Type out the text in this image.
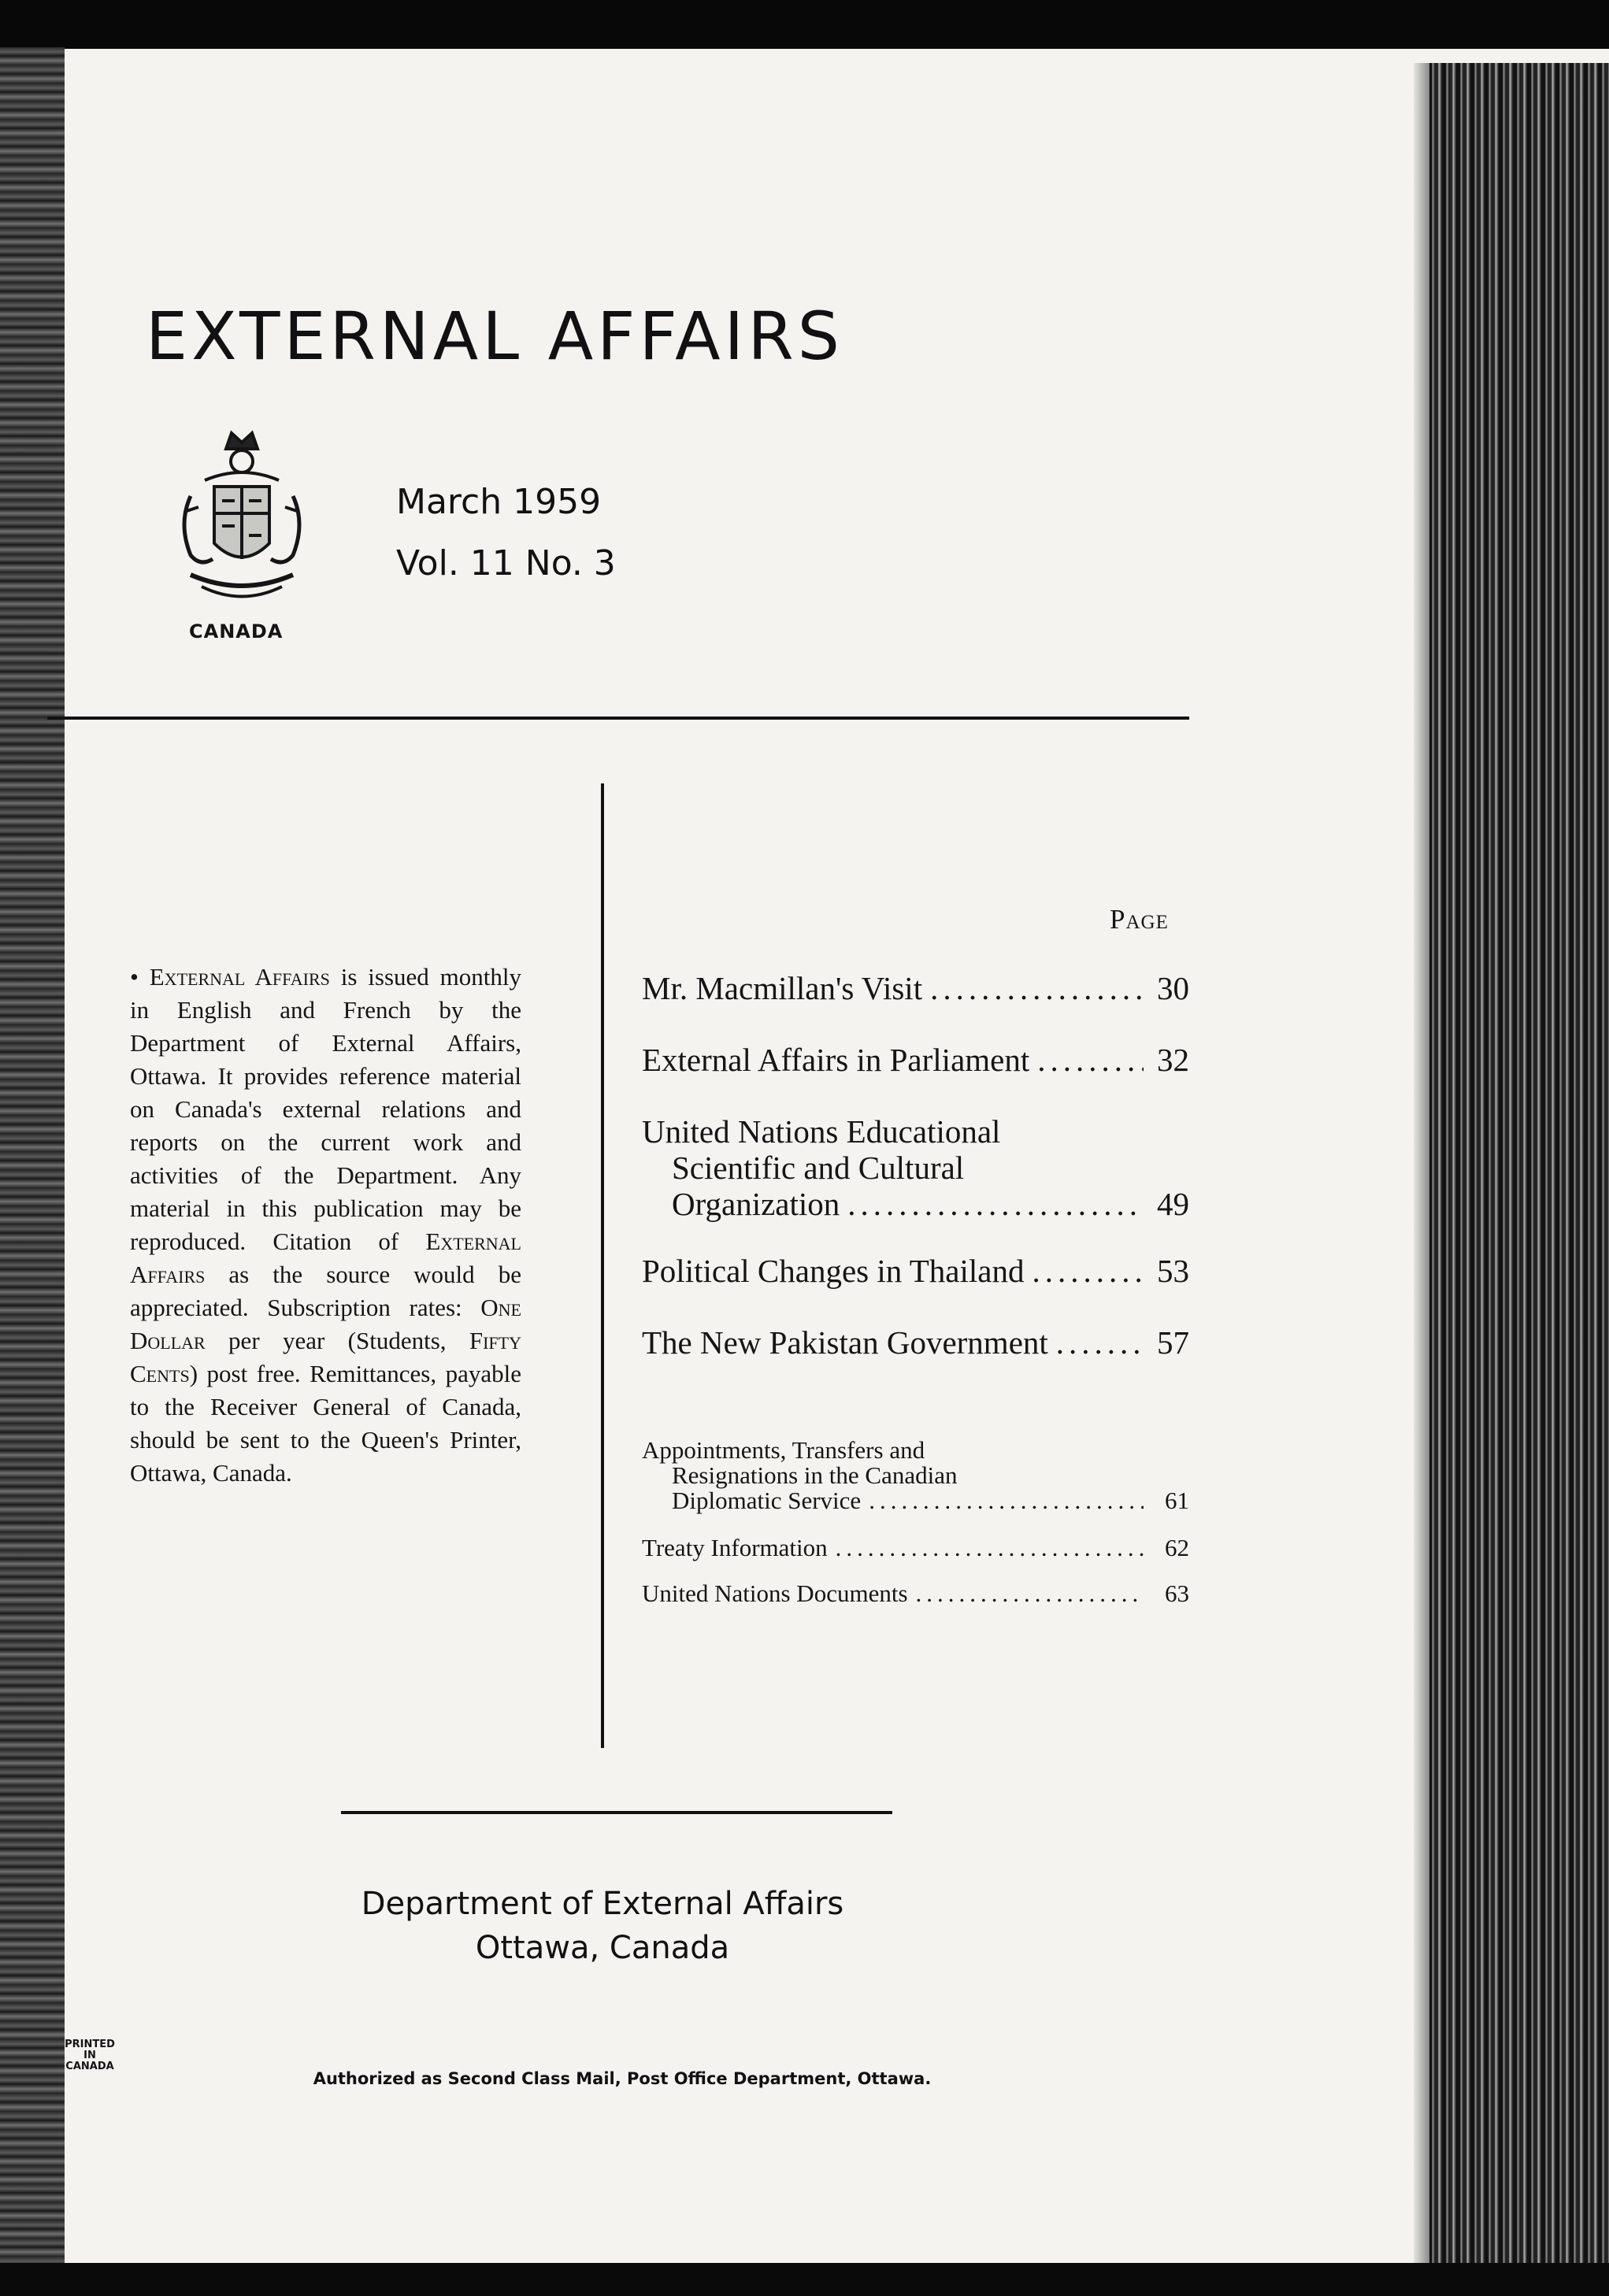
EXTERNAL AFFAIRS
CANADA

March 1959

Vol. 11 No. 3

• External Affairs is issued monthly in English and French by the Department of External Affairs, Ottawa. It provides reference material on Canada's external relations and reports on the current work and activities of the Department. Any material in this publication may be reproduced. Citation of External Affairs as the source would be appreciated. Subscription rates: One Dollar per year (Students, Fifty Cents) post free. Remittances, payable to the Receiver General of Canada, should be sent to the Queen's Printer, Ottawa, Canada.

Page
Mr. Macmillan's Visit .....	30
External Affairs in Parliament .....	32
United Nations Educational
Scientific and Cultural
Organization .....	49
Political Changes in Thailand .....	53
The New Pakistan Government .....	57
Appointments, Transfers and
Resignations in the Canadian
Diplomatic Service .....	61
Treaty Information .....	62
United Nations Documents .....	63

Department of External Affairs
Ottawa, Canada

Authorized as Second Class Mail, Post Office Department, Ottawa.

PRINTED
IN
CANADA
